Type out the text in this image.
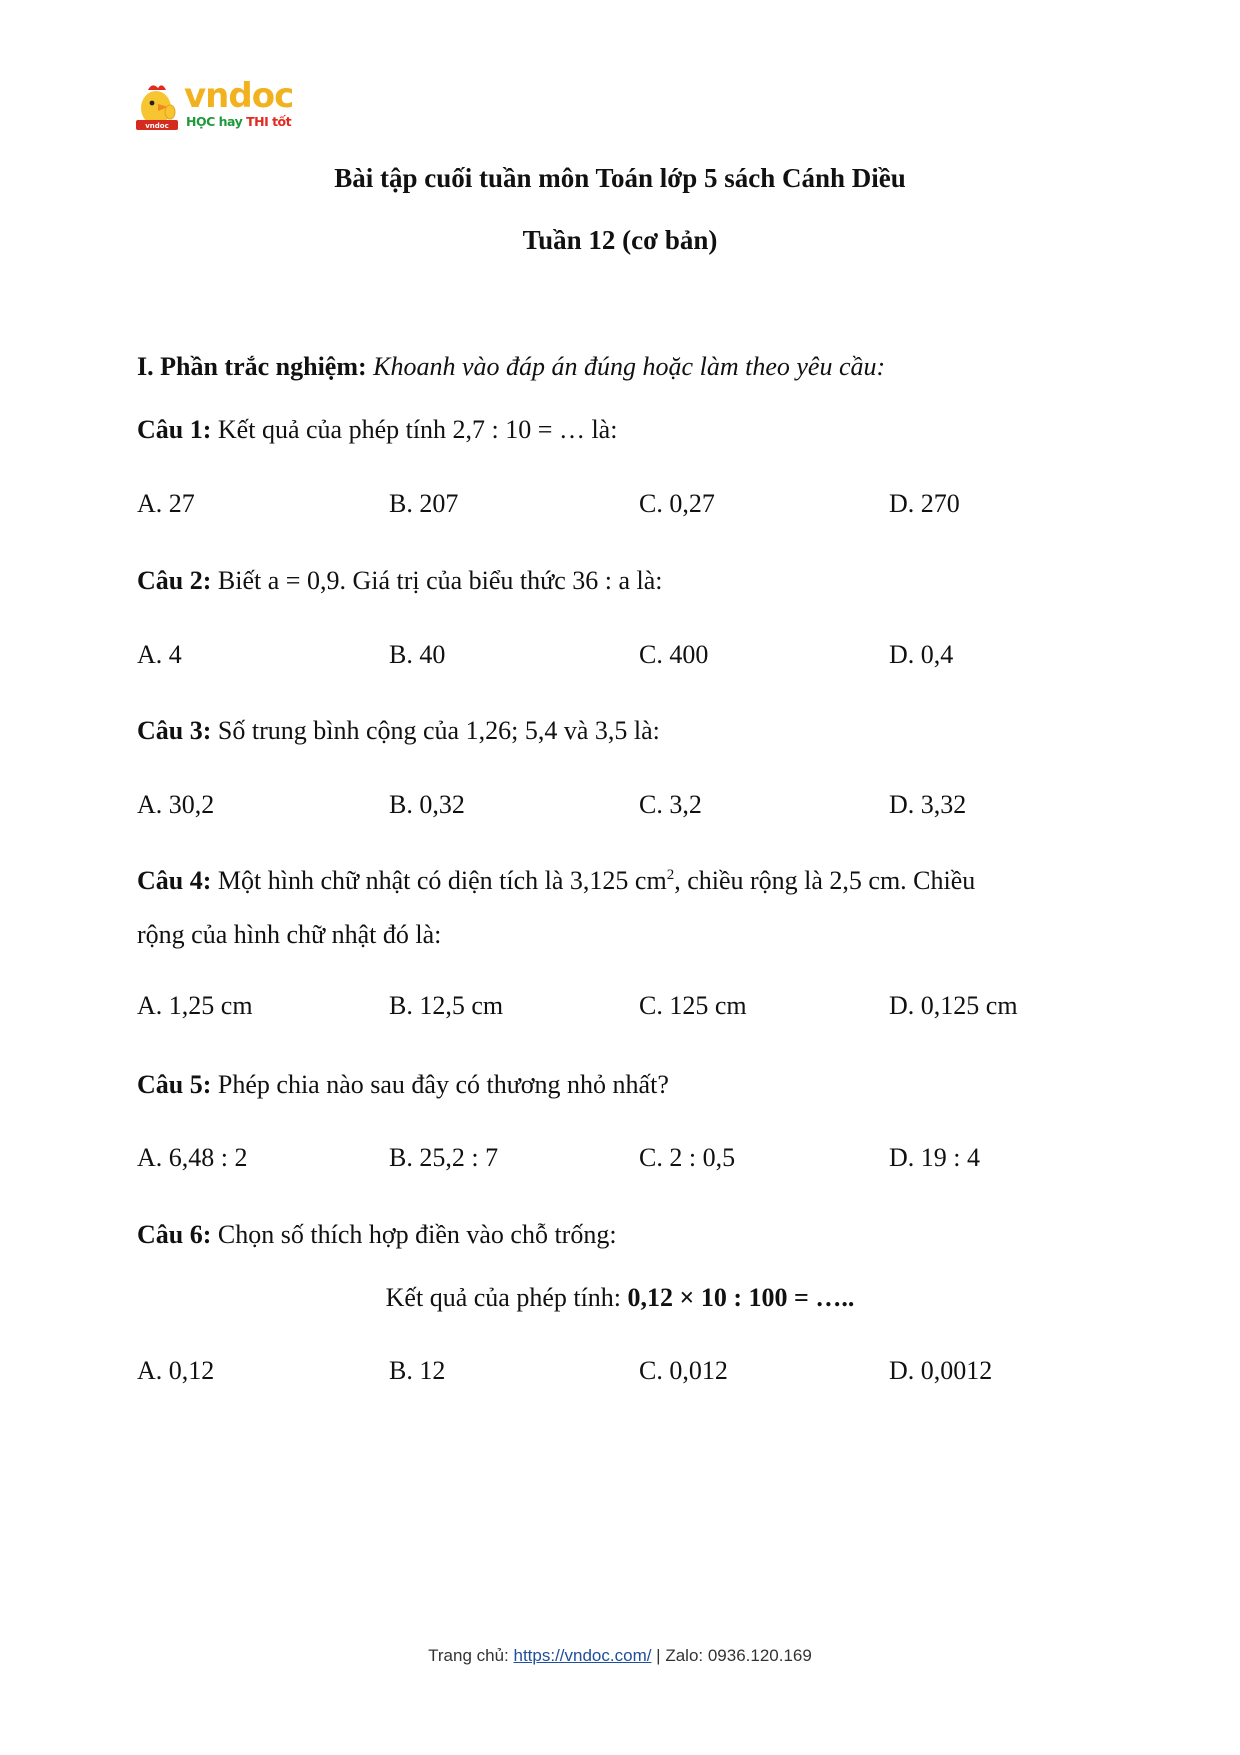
vndoc
vndoc
HỌC hay THI tốt
Bài tập cuối tuần môn Toán lớp 5 sách Cánh Diều
Tuần 12 (cơ bản)
I. Phần trắc nghiệm: Khoanh vào đáp án đúng hoặc làm theo yêu cầu:
Câu 1: Kết quả của phép tính 2,7 : 10 = … là:
A. 27	B. 207	C. 0,27	D. 270
Câu 2: Biết a = 0,9. Giá trị của biểu thức 36 : a là:
A. 4	B. 40	C. 400	D. 0,4
Câu 3: Số trung bình cộng của 1,26; 5,4 và 3,5 là:
A. 30,2	B. 0,32	C. 3,2	D. 3,32
Câu 4: Một hình chữ nhật có diện tích là 3,125 $cm^2$, chiều rộng là 2,5 cm. Chiều
rộng của hình chữ nhật đó là:
A. 1,25 cm	B. 12,5 cm	C. 125 cm	D. 0,125 cm
Câu 5: Phép chia nào sau đây có thương nhỏ nhất?
A. 6,48 : 2	B. 25,2 : 7	C. 2 : 0,5	D. 19 : 4
Câu 6: Chọn số thích hợp điền vào chỗ trống:
Kết quả của phép tính: 0,12 × 10 : 100 = …..
A. 0,12	B. 12	C. 0,012	D. 0,0012
Trang chủ: https://vndoc.com/ | Zalo: 0936.120.169
